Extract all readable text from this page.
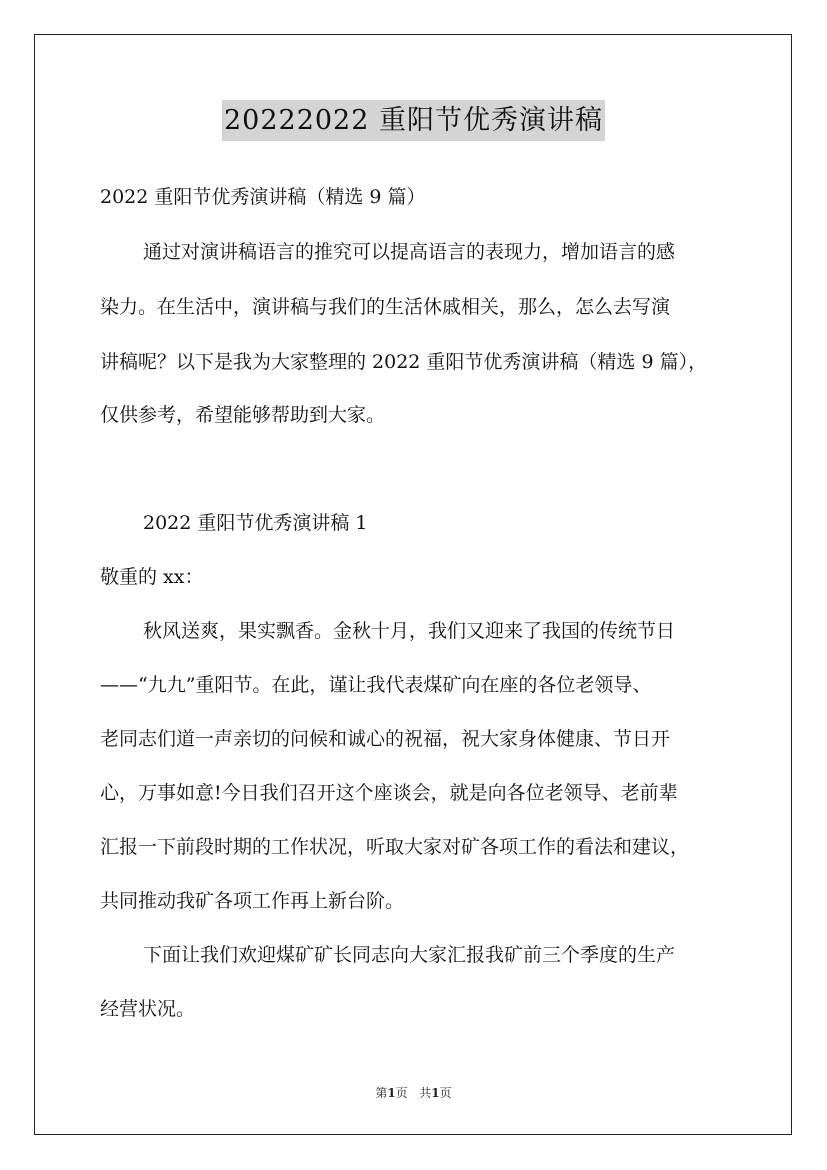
20222022 重阳节优秀演讲稿
2022 重阳节优秀演讲稿（精选 9 篇）
通过对演讲稿语言的推究可以提高语言的表现力，增加语言的感
染力。在生活中，演讲稿与我们的生活休戚相关，那么，怎么去写演
讲稿呢？以下是我为大家整理的 2022 重阳节优秀演讲稿（精选 9 篇），
仅供参考，希望能够帮助到大家。
2022 重阳节优秀演讲稿 1
敬重的 xx：
秋风送爽，果实飘香。金秋十月，我们又迎来了我国的传统节日
——“九九”重阳节。在此，谨让我代表煤矿向在座的各位老领导、
老同志们道一声亲切的问候和诚心的祝福，祝大家身体健康、节日开
心，万事如意!今日我们召开这个座谈会，就是向各位老领导、老前辈
汇报一下前段时期的工作状况，听取大家对矿各项工作的看法和建议，
共同推动我矿各项工作再上新台阶。
下面让我们欢迎煤矿矿长同志向大家汇报我矿前三个季度的生产
经营状况。
第1页 共1页
